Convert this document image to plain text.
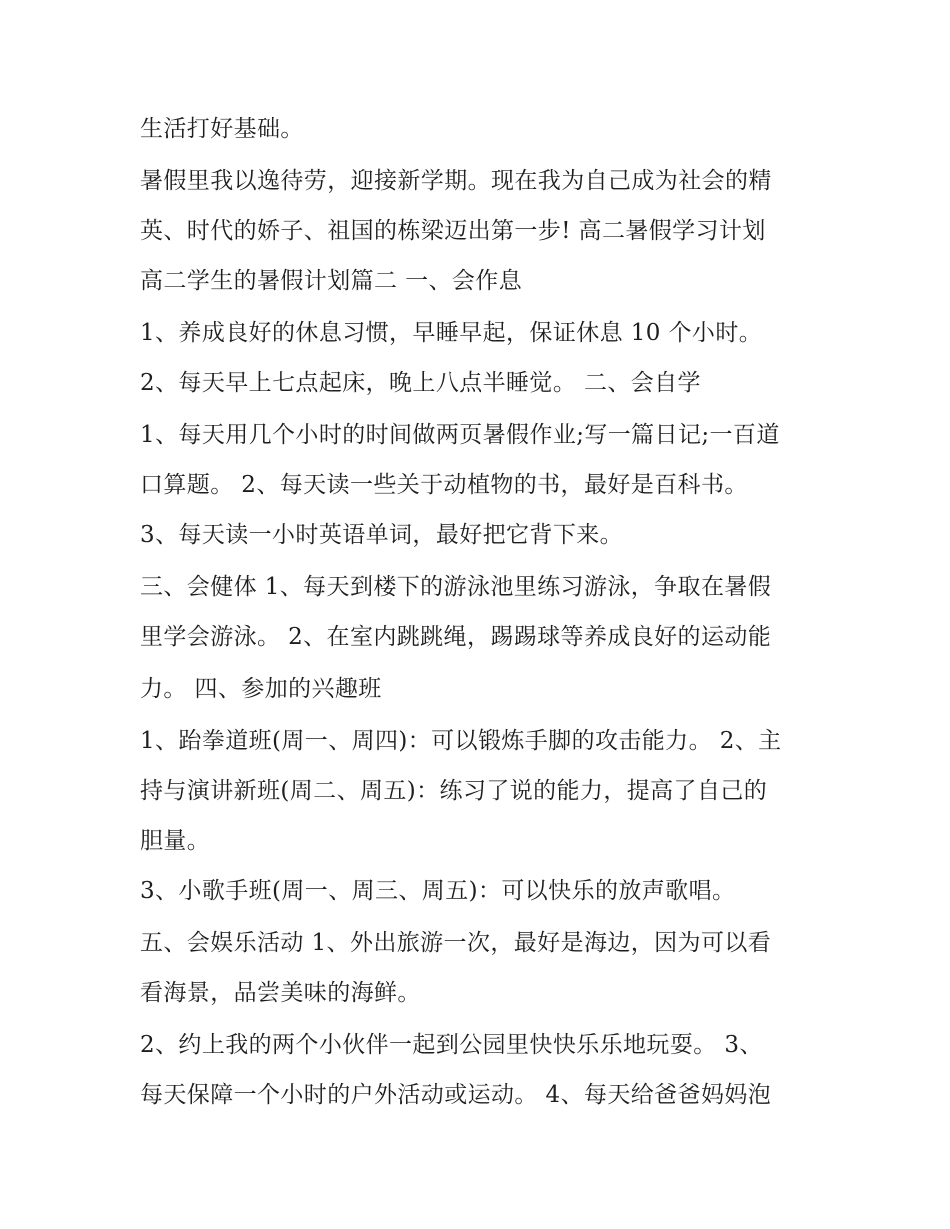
生活打好基础。

暑假里我以逸待劳，迎接新学期。现在我为自己成为社会的精

英、时代的娇子、祖国的栋梁迈出第一步! 高二暑假学习计划

高二学生的暑假计划篇二 一、会作息

1、养成良好的休息习惯，早睡早起，保证休息 10 个小时。

2、每天早上七点起床，晚上八点半睡觉。 二、会自学

1、每天用几个小时的时间做两页暑假作业;写一篇日记;一百道

口算题。 2、每天读一些关于动植物的书，最好是百科书。

3、每天读一小时英语单词，最好把它背下来。

三、会健体 1、每天到楼下的游泳池里练习游泳，争取在暑假

里学会游泳。 2、在室内跳跳绳，踢踢球等养成良好的运动能

力。 四、参加的兴趣班

1、跆拳道班(周一、周四)：可以锻炼手脚的攻击能力。 2、主

持与演讲新班(周二、周五)：练习了说的能力，提高了自己的

胆量。

3、小歌手班(周一、周三、周五)：可以快乐的放声歌唱。

五、会娱乐活动 1、外出旅游一次，最好是海边，因为可以看

看海景，品尝美味的海鲜。

2、约上我的两个小伙伴一起到公园里快快乐乐地玩耍。 3、

每天保障一个小时的户外活动或运动。 4、每天给爸爸妈妈泡
